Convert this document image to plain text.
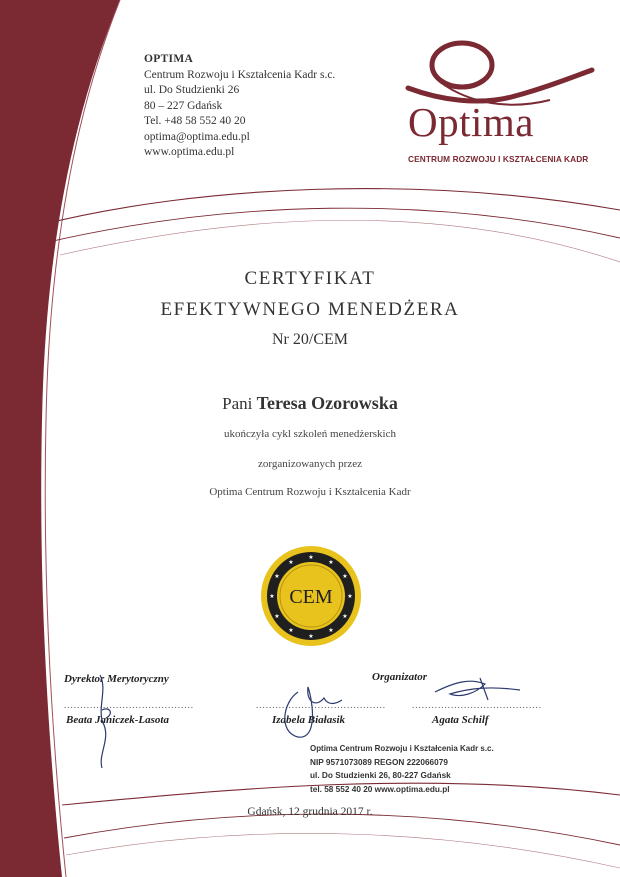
OPTIMA
Centrum Rozwoju i Kształcenia Kadr s.c.
ul. Do Studzienki 26
80 – 227 Gdańsk
Tel. +48 58 552 40 20
optima@optima.edu.pl
www.optima.edu.pl
Optima
CENTRUM ROZWOJU I KSZTAŁCENIA KADR
CERTYFIKAT
EFEKTYWNEGO MENEDŻERA
Nr 20/CEM
Pani Teresa Ozorowska
ukończyła cykl szkoleń menedżerskich
zorganizowanych przez
Optima Centrum Rozwoju i Kształcenia Kadr
★
★
★
★
★
★
★
★
★
★
★
★
CEM
Dyrektor Merytoryczny	Organizator
........................................	........................................	........................................
Beata Janiczek-Lasota	Izabela Białasik	Agata Schilf
Optima Centrum Rozwoju i Kształcenia Kadr s.c.
NIP 9571073089 REGON 222066079
ul. Do Studzienki 26, 80-227 Gdańsk
tel. 58 552 40 20 www.optima.edu.pl
Gdańsk, 12 grudnia 2017 r.
